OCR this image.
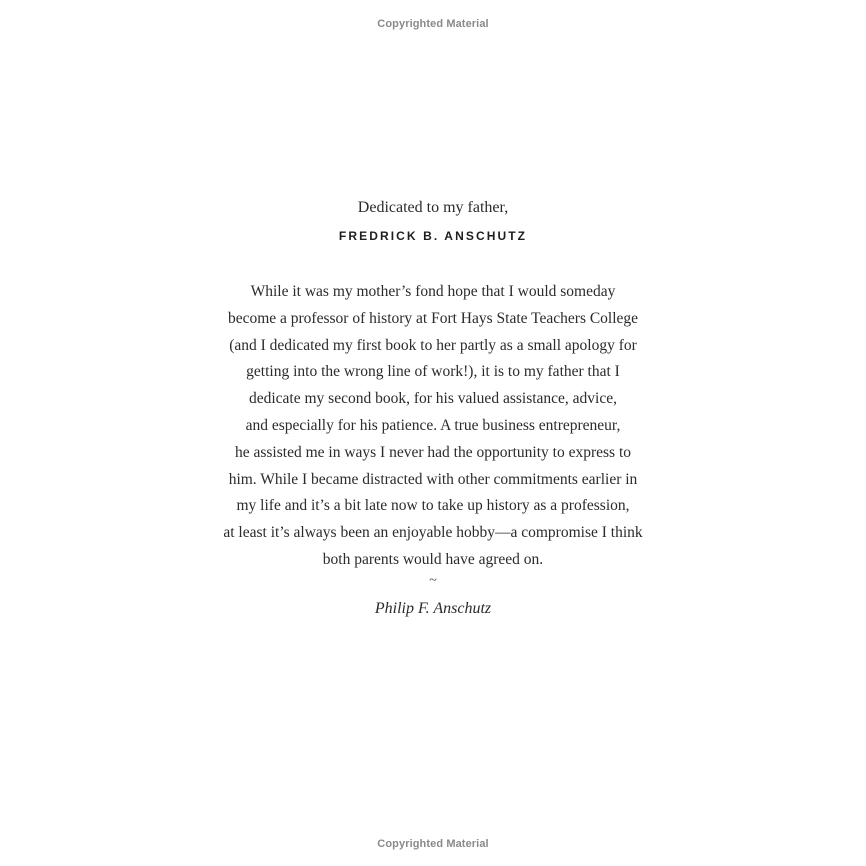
Copyrighted Material
Dedicated to my father,
FREDRICK B. ANSCHUTZ
While it was my mother’s fond hope that I would someday
become a professor of history at Fort Hays State Teachers College
(and I dedicated my first book to her partly as a small apology for
getting into the wrong line of work!), it is to my father that I
dedicate my second book, for his valued assistance, advice,
and especially for his patience. A true business entrepreneur,
he assisted me in ways I never had the opportunity to express to
him. While I became distracted with other commitments earlier in
my life and it’s a bit late now to take up history as a profession,
at least it’s always been an enjoyable hobby—a compromise I think
both parents would have agreed on.
~
Philip F. Anschutz
Copyrighted Material
